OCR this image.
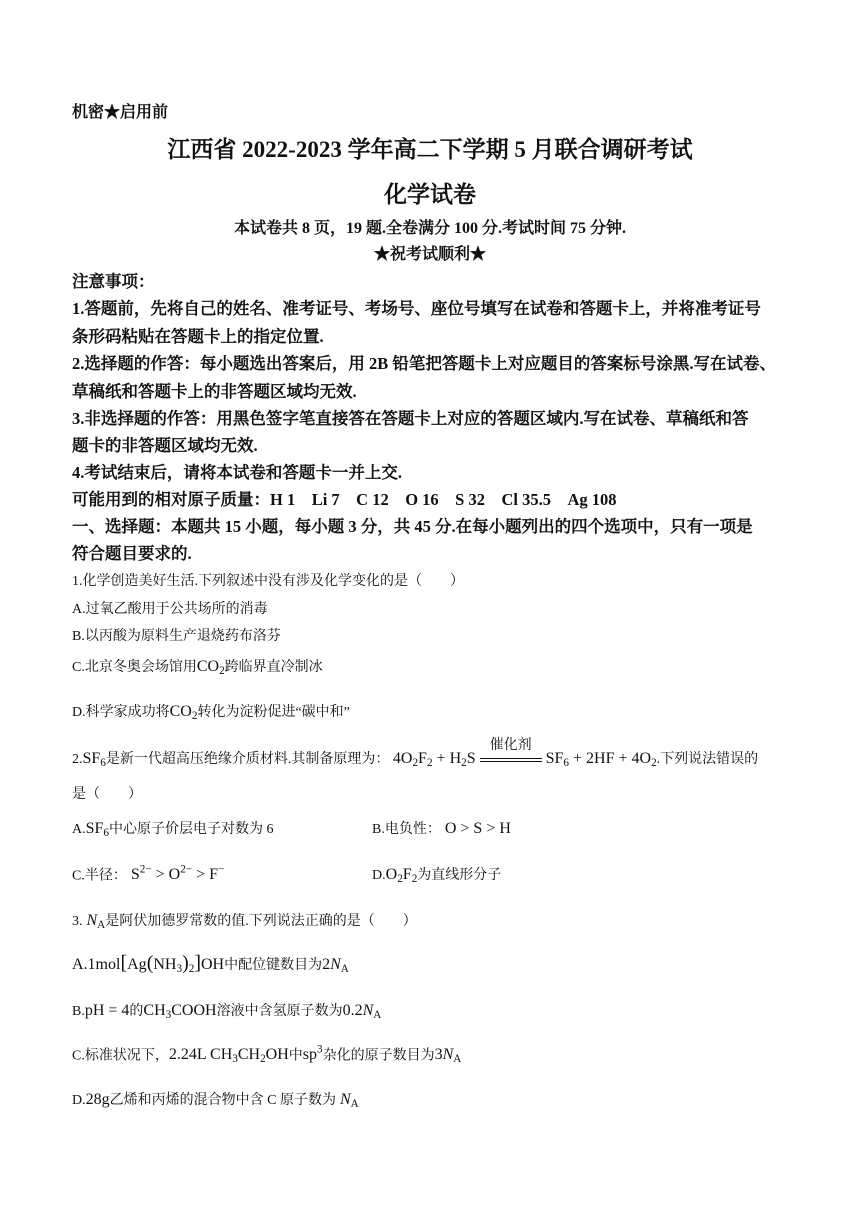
机密★启用前
江西省 2022-2023 学年高二下学期 5 月联合调研考试
化学试卷
本试卷共 8 页，19 题.全卷满分 100 分.考试时间 75 分钟.
★祝考试顺利★
注意事项：
1.答题前，先将自己的姓名、准考证号、考场号、座位号填写在试卷和答题卡上，并将准考证号
条形码粘贴在答题卡上的指定位置.
2.选择题的作答：每小题选出答案后，用 2B 铅笔把答题卡上对应题目的答案标号涂黑.写在试卷、
草稿纸和答题卡上的非答题区域均无效.
3.非选择题的作答：用黑色签字笔直接答在答题卡上对应的答题区域内.写在试卷、草稿纸和答
题卡的非答题区域均无效.
4.考试结束后，请将本试卷和答题卡一并上交.
可能用到的相对原子质量：H 1　Li 7　C 12　O 16　S 32　Cl 35.5　Ag 108
一、选择题：本题共 15 小题，每小题 3 分，共 45 分.在每小题列出的四个选项中，只有一项是
符合题目要求的.
1.化学创造美好生活.下列叙述中没有涉及化学变化的是（　　）
A.过氧乙酸用于公共场所的消毒
B.以丙酸为原料生产退烧药布洛芬
C.北京冬奥会场馆用$CO_2$跨临界直冷制冰
D.科学家成功将$CO_2$转化为淀粉促进“碳中和”
$2.SF_6$是新一代超高压绝缘介质材料.其制备原理为： $4O_2F_2 + H_2S$
催化剂
$SF_6 + 2HF + 4O_2$.下列说法错误的
是（　　）
$A.SF_6$中心原子价层电子对数为 6	B.电负性： O > S > H
C.半径： $S^{2-} > O^{2-} > F^-$	$D.O_2F_2$为直线形分子
3. $N_A$是阿伏加德罗常数的值.下列说法正确的是（　　）
$A.1mol[Ag(NH_3)_2]OH$中配位键数目为$2N_A$
B.pH = 4的$CH_3COOH$溶液中含氢原子数为$0.2N_A$
C.标准状况下，2.24L $CH_3CH_2OH$中$sp^3$杂化的原子数目为$3N_A$
D.28g乙烯和丙烯的混合物中含 C 原子数为 $N_A$
